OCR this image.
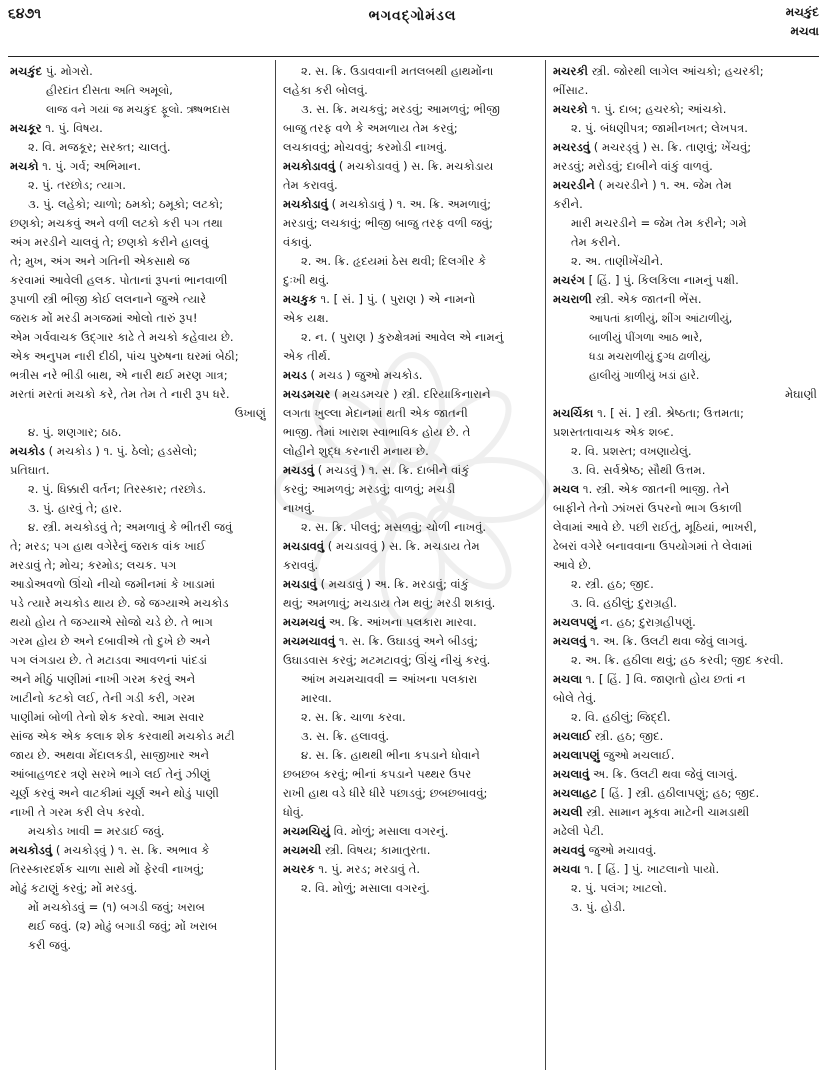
૬૪૭૧	ભગવદ્ગોમંડલ	મચકુંદ
મચવા
મચકુંદ પું. મોગરો.
હીરદાંત દીસતા અતિ અમૂલો,
લાજ વને ગયાં જ મચકુંદ ફૂલો. ઋષભદાસ
મચકૂર ૧. પું. વિષય.
૨. વિ. મજકૂર; સરક્ત; ચાલતું.
મચકો ૧. પું. ગર્વ; અભિમાન.
૨. પું. તરછોડ; ત્યાગ.
૩. પું. લહેકો; ચાળો; ઠમકો; ઠમૂકો; લટકો;
છણકો; મચકવું અને વળી લટકો કરી પગ તથા
અંગ મરડીને ચાલવું તે; છણકો કરીને હાલવું
તે; મુખ, અંગ અને ગતિની એકસાથે જ
કરવામાં આવેલી હલક. પોતાનાં રૂપનાં ભાનવાળી
રૂપાળી સ્ત્રી ભીજી કોઈ લલનાને જુએ ત્યારે
જરાક મોં મરડી મગજમાં ઓલો તારું રૂપ!
એમ ગર્વવાચક ઉદ્ગાર કાઢે તે મચકો કહેવાય છે.
એક અનુપમ નારી દીઠી, પાંચ પુરુષના ઘરમાં બેઠી;
ભત્રીસ નરે ભીડી બાથ, એ નારી થઈ મરણ ગાત્ર;
મરતાં મરતાં મચકો કરે, તેમ તેમ તે નારી રૂપ ધરે.
ઉખાણું
૪. પું. શણગાર; ઠાઠ.
મચકોડ ( મચકોડ ) ૧. પું. ઠેલો; હડસેલો;
પ્રતિઘાત.
૨. પું. ધિક્કારી વર્તન; તિરસ્કાર; તરછોડ.
૩. પું. હારવું તે; હાર.
૪. સ્ત્રી. મચકોડવું તે; અમળાવું કે ભીતરી જવું
તે; મરડ; પગ હાથ વગેરેનું જરાક વાંક ખાઈ
મરડાવું તે; મોચ; કરમોડ; લચક. પગ
આડોઅવળો ઊંચો નીચો જમીનમાં કે ખાડામાં
પડે ત્યારે મચકોડ થાય છે. જે જગ્યાએ મચકોડ
થયો હોય તે જગ્યાએ સોજો ચડે છે. તે ભાગ
ગરમ હોય છે અને દબાવીએ તો દુખે છે અને
પગ લંગડાય છે. તે મટાડવા આવળનાં પાંદડાં
અને મીઠું પાણીમાં નાખી ગરમ કરવું અને
ખાટીનો કટકો લઈ, તેની ગડી કરી, ગરમ
પાણીમાં બોળી તેનો શેક કરવો. આમ સવાર
સાંજ એક એક કલાક શેક કરવાથી મચકોડ મટી
જાય છે. અથવા મેંદાલકડી, સાજીખાર અને
આંબાહળદર ત્રણે સરખે ભાગે લઈ તેનું ઝીણું
ચૂર્ણ કરવું અને વાટકીમાં ચૂર્ણ અને થોડું પાણી
નાખી તે ગરમ કરી લેપ કરવો.
મચકોડ ખાવી = મરડાઈ જવું.
મચકોડવું ( મચકોડ્વું ) ૧. સ. ક્રિ. અભાવ કે
તિરસ્કારદર્શક ચાળા સાથે મોં ફેરવી નાખવું;
મોઢું કટાણું કરવું; મોં મરડવું.
મોં મચકોડવું = (૧) બગડી જવું; ખરાબ
થઈ જવું. (૨) મોઢું બગાડી જવું; મોં ખરાબ
કરી જવું.
૨. સ. ક્રિ. ઉડાવવાની મતલબથી હાથમોંના
લહેકા કરી બોલવું.
૩. સ. ક્રિ. મચકવું; મરડવું; આમળવું; ભીજી
બાજુ તરફ વળે કે અમળાય તેમ કરવું;
લચકાવવું; મોચવવું; કરમોડી નાખવું.
મચકોડાવવું ( મચકોડાવવું ) સ. ક્રિ. મચકોડાય
તેમ કરાવવું.
મચકોડાવું ( મચકોડાવું ) ૧. અ. ક્રિ. અમળાવું;
મરડાવું; લચકાવું; ભીજી બાજુ તરફ વળી જવું;
વંકાવું.
૨. અ. ક્રિ. હૃદયમાં ઠેસ થવી; દિલગીર કે
દુઃખી થવું.
મચકુક ૧. [ સં. ] પું. ( પુરાણ ) એ નામનો
એક યક્ષ.
૨. ન. ( પુરાણ ) કુરુક્ષેત્રમાં આવેલ એ નામનું
એક તીર્થ.
મચડ ( મચડ ) જુઓ મચકોડ.
મચડમચર ( મચડમચર ) સ્ત્રી. દરિયાકિનારાને
લગતા ખુલ્લા મેદાનમાં થતી એક જાતની
ભાજી. તેમાં ખારાશ સ્વાભાવિક હોય છે. તે
લોહીને શુદ્ધ કરનારી મનાય છે.
મચડવું ( મચડવું ) ૧. સ. ક્રિ. દાબીને વાંકું
કરવું; આમળવું; મરડવું; વાળવું; મચડી
નાખવું.
૨. સ. ક્રિ. પીલવું; મસળવું; ચોળી નાખવું.
મચડાવવું ( મચડાવવું ) સ. ક્રિ. મચડાય તેમ
કરાવવું.
મચડાવું ( મચડાવું ) અ. ક્રિ. મરડાવું; વાંકું
થવું; અમળાવું; મચડાય તેમ થવું; મરડી શકાવું.
મચમચવું અ. ક્રિ. આંખના પલકારા મારવા.
મચમચાવવું ૧. સ. ક્રિ. ઉઘાડવું અને બીડવું;
ઉઘાડવાસ કરવું; મટમટાવવું; ઊંચું નીચું કરવું.
આંખ મચમચાવવી = આંખના પલકારા
મારવા.
૨. સ. ક્રિ. ચાળા કરવા.
૩. સ. ક્રિ. હલાવવું.
૪. સ. ક્રિ. હાથથી ભીના કપડાને ધોવાને
છબછબ કરવું; ભીનાં કપડાને પથ્થર ઉપર
રાખી હાથ વડે ધીરે ધીરે પછાડવું; છબછબાવવું;
ધોવું.
મચમચિયું વિ. મોળું; મસાલા વગરનું.
મચમચી સ્ત્રી. વિષય; કામાતુરતા.
મચરક ૧. પું. મરડ; મરડાવું તે.
૨. વિ. મોળું; મસાલા વગરનું.
મચરકી સ્ત્રી. જોરથી લાગેલ આંચકો; હચરકી;
ભીંસાટ.
મચરકો ૧. પું. દાબ; હચરકો; આંચકો.
૨. પું. બંધણીપત્ર; જામીનખત; લેખપત્ર.
મચરડવું ( મચરડ્વું ) સ. ક્રિ. તાણવું; ખેંચવું;
મરડવું; મરોડવું; દાબીને વાંકું વાળવું.
મચરડીને ( મચરડીને ) ૧. અ. જેમ તેમ
કરીને.
મારી મચરડીને = જેમ તેમ કરીને; ગમે
તેમ કરીને.
૨. અ. તાણીખેંચીને.
મચરંગ [ હિં. ] પું. કિલકિલા નામનું પક્ષી.
મચરાળી સ્ત્રી. એક જાતની ભેંસ.
આપતાં કાળીયું, શીંગ આંટાળીયું,
બાળીયું પીંગળા આઠ ભારે,
ધડા મચરાળીયું દુગ્ધ ઢાળીયું,
હાલીયું ગાળીયું ખડાં હારે.
મેઘાણી
મચર્ચિકા ૧. [ સં. ] સ્ત્રી. શ્રેષ્ઠતા; ઉત્તમતા;
પ્રશસ્તતાવાચક એક શબ્દ.
૨. વિ. પ્રશસ્ત; વખણાયેલું.
૩. વિ. સર્વશ્રેષ્ઠ; સૌથી ઉત્તમ.
મચલ ૧. સ્ત્રી. એક જાતની ભાજી. તેને
બાફીને તેનો ઝાંખરાં ઉપરનો ભાગ ઉકાળી
લેવામાં આવે છે. પછી રાઈતું, મૂઠિયાં, ભાખરી,
ઢેબરાં વગેરે બનાવવાના ઉપયોગમાં તે લેવામાં
આવે છે.
૨. સ્ત્રી. હઠ; જીદ.
૩. વિ. હઠીલું; દુરાગ્રહી.
મચલપણું ન. હઠ; દુરાગ્રહીપણું.
મચલવું ૧. અ. ક્રિ. ઉલટી થવા જેવું લાગવું.
૨. અ. ક્રિ. હઠીલા થવું; હઠ કરવી; જીદ કરવી.
મચલા ૧. [ હિં. ] વિ. જાણતો હોય છતાં ન
બોલે તેવું.
૨. વિ. હઠીલું; જિદ્દી.
મચલાઈ સ્ત્રી. હઠ; જીદ.
મચલાપણું જુઓ મચલાઈ.
મચલાવું અ. ક્રિ. ઉલટી થવા જેવું લાગવું.
મચલાહટ [ હિં. ] સ્ત્રી. હઠીલાપણું; હઠ; જીદ.
મચલી સ્ત્રી. સામાન મૂકવા માટેની ચામડાથી
મઢેલી પેટી.
મચવવું જુઓ મચાવવું.
મચવા ૧. [ હિં. ] પું. ખાટલાનો પાયો.
૨. પું. પલંગ; ખાટલો.
૩. પું. હોડી.
